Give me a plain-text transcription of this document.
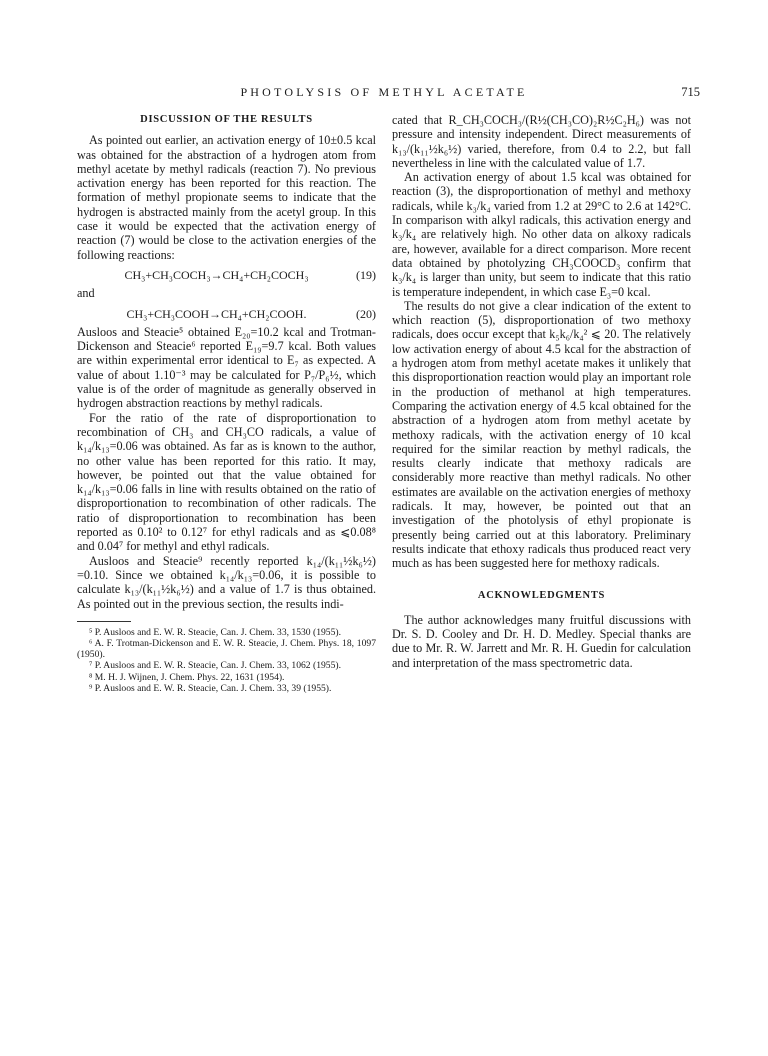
PHOTOLYSIS OF METHYL ACETATE	715
DISCUSSION OF THE RESULTS

As pointed out earlier, an activation energy of 10±0.5 kcal was obtained for the abstraction of a hydrogen atom from methyl acetate by methyl radicals (reaction 7). No previous activation energy has been reported for this reaction. The formation of methyl propionate seems to indicate that the hydrogen is abstracted mainly from the acetyl group. In this case it would be expected that the activation energy of reaction (7) would be close to the activation energies of the following reactions:

CH₃+CH₃COCH₃→CH₄+CH₂COCH₃	(19)

and

CH₃+CH₃COOH→CH₄+CH₂COOH.	(20)

Ausloos and Steacie⁵ obtained E₂₀=10.2 kcal and Trotman-Dickenson and Steacie⁶ reported E₁₉=9.7 kcal. Both values are within experimental error identical to E₇ as expected. A value of about 1.10⁻³ may be calculated for P₇/P₆½, which value is of the order of magnitude as generally observed in hydrogen abstraction reactions by methyl radicals.

For the ratio of the rate of disproportionation to recombination of CH₃ and CH₃CO radicals, a value of k₁₄/k₁₃=0.06 was obtained. As far as is known to the author, no other value has been reported for this ratio. It may, however, be pointed out that the value obtained for k₁₄/k₁₃=0.06 falls in line with results obtained on the ratio of disproportionation to recombination of other radicals. The ratio of disproportionation to recombination has been reported as 0.10² to 0.12⁷ for ethyl radicals and as ⩽0.08⁸ and 0.04⁷ for methyl and ethyl radicals.

Ausloos and Steacie⁹ recently reported k₁₄/(k₁₁½k₆½) =0.10. Since we obtained k₁₄/k₁₃=0.06, it is possible to calculate k₁₃/(k₁₁½k₆½) and a value of 1.7 is thus obtained. As pointed out in the previous section, the results indi-

⁵ P. Ausloos and E. W. R. Steacie, Can. J. Chem. 33, 1530 (1955).

⁶ A. F. Trotman-Dickenson and E. W. R. Steacie, J. Chem. Phys. 18, 1097 (1950).

⁷ P. Ausloos and E. W. R. Steacie, Can. J. Chem. 33, 1062 (1955).

⁸ M. H. J. Wijnen, J. Chem. Phys. 22, 1631 (1954).

⁹ P. Ausloos and E. W. R. Steacie, Can. J. Chem. 33, 39 (1955).

cated that R_CH₃COCH₃/(R½(CH₃CO)₂R½C₂H₆) was not pressure and intensity independent. Direct measurements of k₁₃/(k₁₁½k₆½) varied, therefore, from 0.4 to 2.2, but fall nevertheless in line with the calculated value of 1.7.

An activation energy of about 1.5 kcal was obtained for reaction (3), the disproportionation of methyl and methoxy radicals, while k₃/k₄ varied from 1.2 at 29°C to 2.6 at 142°C. In comparison with alkyl radicals, this activation energy and k₃/k₄ are relatively high. No other data on alkoxy radicals are, however, available for a direct comparison. More recent data obtained by photolyzing CH₃COOCD₃ confirm that k₃/k₄ is larger than unity, but seem to indicate that this ratio is temperature independent, in which case E₃=0 kcal.

The results do not give a clear indication of the extent to which reaction (5), disproportionation of two methoxy radicals, does occur except that k₅k₆/k₄² ⩽ 20. The relatively low activation energy of about 4.5 kcal for the abstraction of a hydrogen atom from methyl acetate makes it unlikely that this disproportionation reaction would play an important role in the production of methanol at high temperatures. Comparing the activation energy of 4.5 kcal obtained for the abstraction of a hydrogen atom from methyl acetate by methoxy radicals, with the activation energy of 10 kcal required for the similar reaction by methyl radicals, the results clearly indicate that methoxy radicals are considerably more reactive than methyl radicals. No other estimates are available on the activation energies of methoxy radicals. It may, however, be pointed out that an investigation of the photolysis of ethyl propionate is presently being carried out at this laboratory. Preliminary results indicate that ethoxy radicals thus produced react very much as has been suggested here for methoxy radicals.

ACKNOWLEDGMENTS

The author acknowledges many fruitful discussions with Dr. S. D. Cooley and Dr. H. D. Medley. Special thanks are due to Mr. R. W. Jarrett and Mr. R. H. Guedin for calculation and interpretation of the mass spectrometric data.
